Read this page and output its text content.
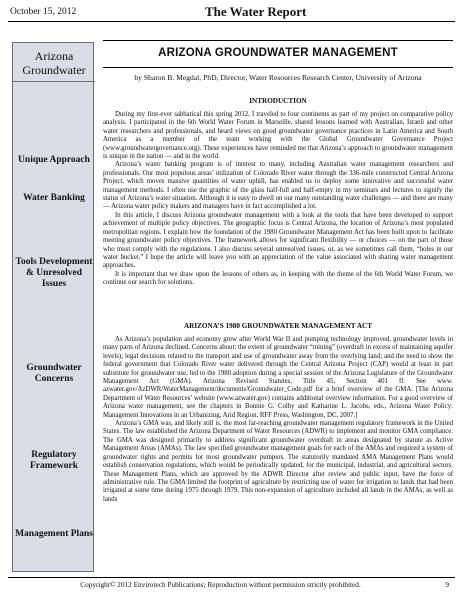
October 15, 2012	The Water Report
Arizona Groundwater
Unique Approach
Water Banking
Tools Development & Unresolved Issues
Groundwater Concerns
Regulatory Framework
Management Plans
ARIZONA GROUNDWATER MANAGEMENT
by Sharon B. Megdal, PhD, Director, Water Resources Research Center, University of Arizona
INTRODUCTION

During my first-ever sabbatical this spring 2012, I traveled to four continents as part of my project on comparative policy analysis. I participated in the 6th World Water Forum in Marseille, shared lessons learned with Australian, Israeli and other water researchers and professionals, and heard views on good groundwater governance practices in Latin America and South America as a member of the team working with the Global Groundwater Governance Project (www.groundwatergovernance.org). These experiences have reminded me that Arizona’s approach to groundwater management is unique in the nation — and in the world.

Arizona’s water banking program is of interest to many, including Australian water management researchers and professionals. Our most populous areas’ utilization of Colorado River water through the 336-mile constructed Central Arizona Project, which moves massive quantities of water uphill, has enabled us to deploy some innovative and successful water management methods. I often use the graphic of the glass half-full and half-empty in my seminars and lectures to signify the status of Arizona’s water situation. Although it is easy to dwell on our many outstanding water challenges — and there are many — Arizona water policy makers and managers have in fact accomplished a lot.

In this article, I discuss Arizona groundwater management with a look at the tools that have been developed to support achievement of multiple policy objectives. The geographic focus is Central Arizona, the location of Arizona’s most populated metropolitan regions. I explain how the foundation of the 1980 Groundwater Management Act has been built upon to facilitate meeting groundwater policy objectives. The framework allows for significant flexibility — or choices — on the part of those who must comply with the regulations. I also discuss several unresolved issues, or, as we sometimes call them, “holes in our water bucket.” I hope the article will leave you with an appreciation of the value associated with sharing water management approaches.

It is important that we draw upon the lessons of others as, in keeping with the theme of the 6th World Water Forum, we continue our search for solutions.

ARIZONA’S 1980 GROUNDWATER MANAGEMENT ACT

As Arizona’s population and economy grew after World War II and pumping technology improved, groundwater levels in many parts of Arizona declined. Concerns about: the extent of groundwater “mining” (overdraft in excess of maintaining aquifer levels); legal decisions related to the transport and use of groundwater away from the overlying land; and the need to show the federal government that Colorado River water delivered through the Central Arizona Project (CAP) would at least in part substitute for groundwater use, led to the 1980 adoption during a special session of the Arizona Legislature of the Groundwater Management Act (GMA). Arizona Revised Statutes, Title 45, Section 401 ff. See www. azwater.gov/AzDWR/WaterManagement/documents/Groundwater_Code.pdf for a brief overview of the GMA. [The Arizona Department of Water Resources’ website (www.azwater.gov) contains additional overview information. For a good overview of Arizona water management, see the chapters in Bonnie G. Colby and Katharine L. Jacobs, eds., Arizona Water Policy: Management Innovations in an Urbanizing, Arid Region, RFF Press, Washington, DC, 2007.]

Arizona’s GMA was, and likely still is, the most far-reaching groundwater management regulatory framework in the United States. The law established the Arizona Department of Water Resources (ADWR) to implement and monitor GMA compliance. The GMA was designed primarily to address significant groundwater overdraft in areas designated by statute as Active Management Areas (AMAs). The law specified groundwater management goals for each of the AMAs and required a system of groundwater rights and permits for most groundwater pumpers. The statutorily mandated AMA Management Plans would establish conservation regulations, which would be periodically updated, for the municipal, industrial, and agricultural sectors. These Management Plans, which are approved by the ADWR Director after review and public input, have the force of administrative rule. The GMA limited the footprint of agriculture by restricting use of water for irrigation to lands that had been irrigated at some time during 1975 through 1979. This non-expansion of agriculture included all lands in the AMAs, as well as lands

Copyright© 2012 Envirotech Publications; Reproduction without permission strictly prohibited.	9
